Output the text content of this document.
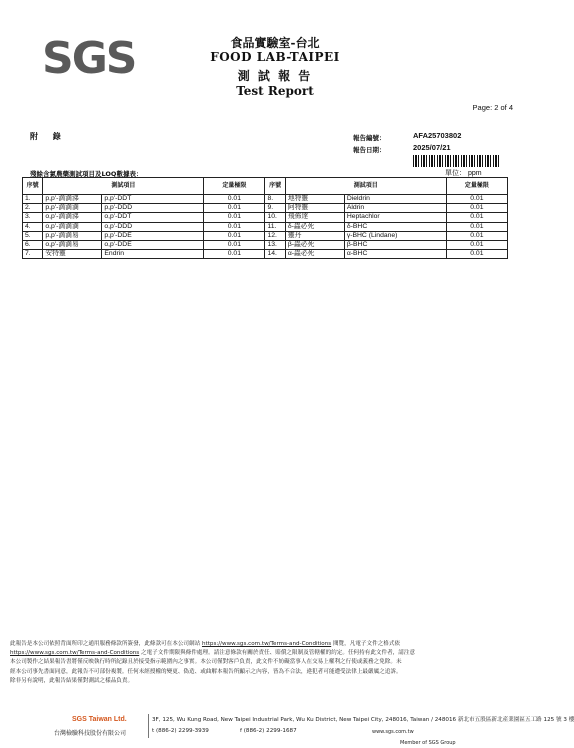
SGS	食品實驗室-台北
FOOD LAB-TAIPEI
測 試 報 告
Test Report
Page: 2 of 4
附 錄	報告編號：	AFA25703802
報告日期：	2025/07/21
單位： ppm
殘餘含氯農藥測試項目及LOQ數據表：
序號	測試項目		定量極限	序號	測試項目		定量極限
1.	p,p'-滴滴涕	p,p'-DDT	0.01	8.	地特靈	Dieldrin	0.01
2.	p,p'-滴滴滴	p,p'-DDD	0.01	9.	阿特靈	Aldrin	0.01
3.	o,p'-滴滴涕	o,p'-DDT	0.01	10.	飛佈達	Heptachlor	0.01
4.	o,p'-滴滴滴	o,p'-DDD	0.01	11.	δ-蟲必死	δ-BHC	0.01
5.	p,p'-滴滴易	p,p'-DDE	0.01	12.	靈丹	γ-BHC (Lindane)	0.01
6.	o,p'-滴滴易	o,p'-DDE	0.01	13.	β-蟲必死	β-BHC	0.01
7.	安特靈	Endrin	0.01	14.	α-蟲必死	α-BHC	0.01
此報告是本公司依照背面所印之通用服務條款所簽發，此條款可在本公司網站 https://www.sgs.com.tw/Terms-and-Conditions 閱覽，凡電子文件之格式依
https://www.sgs.com.tw/Terms-and-Conditions 之電子文件期限與條件處理。請注意條款有關於責任、賠償之限制及管轄權的約定。任何持有此文件者，請注意
本公司製作之結果報告書將僅反映執行時所紀錄且於接受指示範圍內之事實。本公司僅對客戶負責，此文件不妨礙當事人在交易上權利之行使或義務之免除。未
經本公司事先書面同意，此報告不可部份複製。任何未經授權的變更、偽造、或曲解本報告所顯示之內容，皆為不合法，違犯者可能遭受法律上最嚴厲之追訴。
除非另有說明，此報告結果僅對測試之樣品負責。
SGS Taiwan Ltd.
台灣檢驗科技股份有限公司
3F, 125, Wu Kung Road, New Taipei Industrial Park, Wu Ku District, New Taipei City, 248016, Taiwan / 248016 新北市五股區新北產業園區五工路 125 號 3 樓
t (886-2) 2299-3939	f (886-2) 2299-1687	www.sgs.com.tw
Member of SGS Group
